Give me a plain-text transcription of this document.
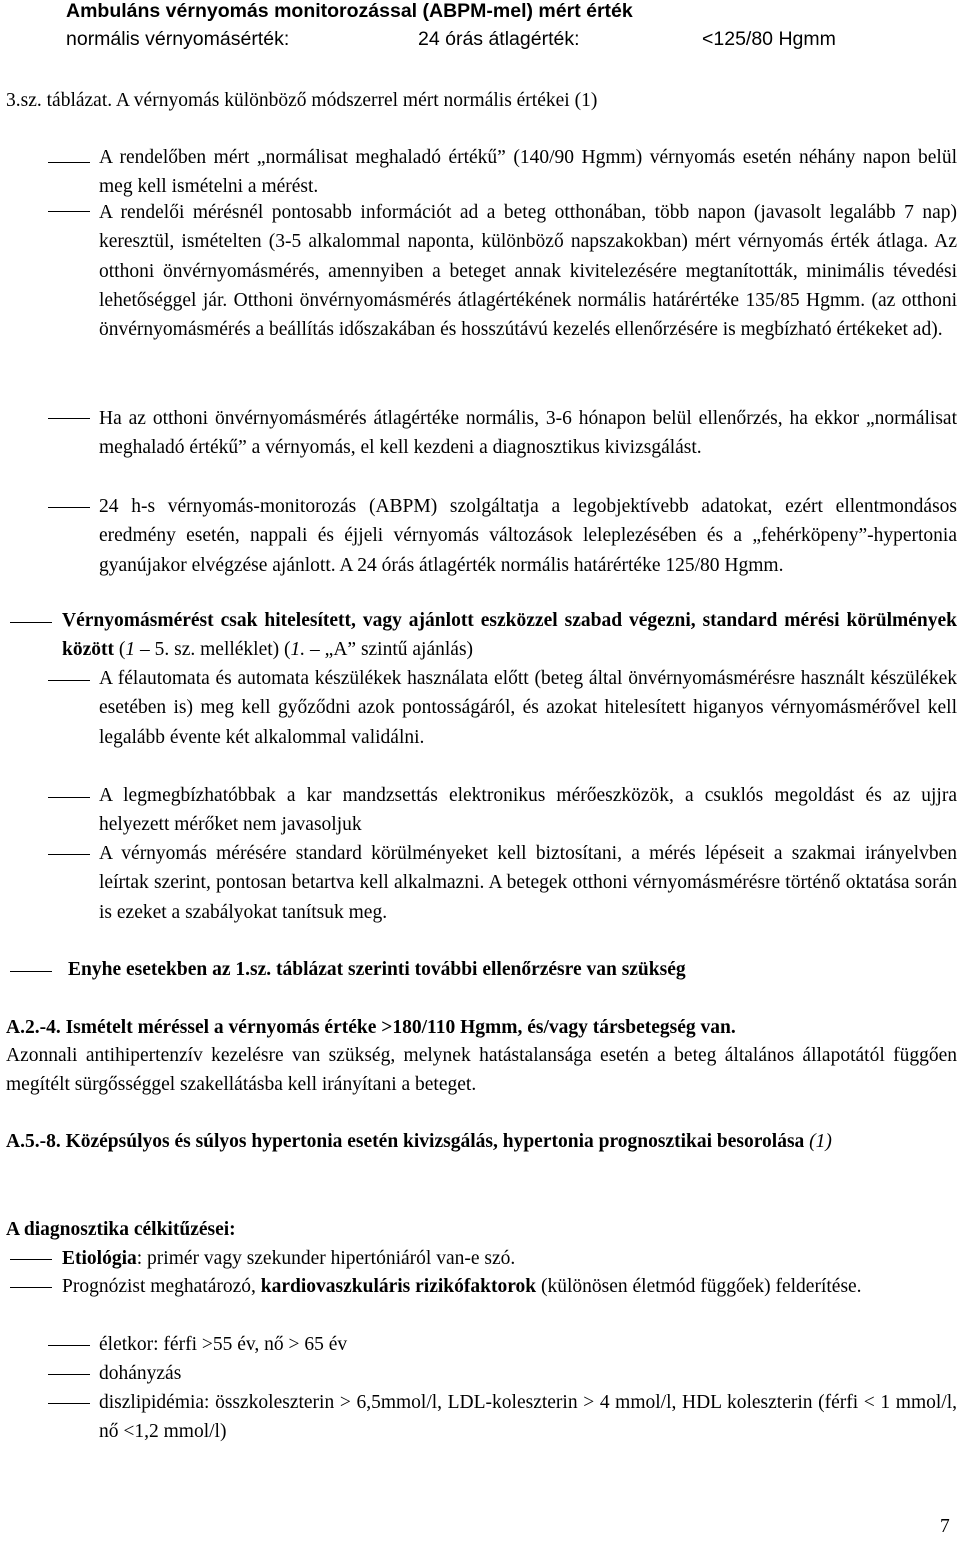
Ambuláns vérnyomás monitorozással (ABPM-mel) mért érték
normális vérnyomásérték:	24 órás átlagérték:	<125/80 Hgmm
3.sz. táblázat. A vérnyomás különböző módszerrel mért normális értékei (1)

A rendelőben mért „normálisat meghaladó értékű” (140/90 Hgmm) vérnyomás esetén néhány napon belül meg kell ismételni a mérést.

A rendelői mérésnél pontosabb információt ad a beteg otthonában, több napon (javasolt legalább 7 nap) keresztül, ismételten (3-5 alkalommal naponta, különböző napszakokban) mért vérnyomás érték átlaga. Az otthoni önvérnyomásmérés, amennyiben a beteget annak kivitelezésére megtanították, minimális tévedési lehetőséggel jár. Otthoni önvérnyomásmérés átlagértékének normális határértéke 135/85 Hgmm. (az otthoni önvérnyomásmérés a beállítás időszakában és hosszútávú kezelés ellenőrzésére is megbízható értékeket ad).

Ha az otthoni önvérnyomásmérés átlagértéke normális, 3-6 hónapon belül ellenőrzés, ha ekkor „normálisat meghaladó értékű” a vérnyomás, el kell kezdeni a diagnosztikus kivizsgálást.

24 h-s vérnyomás-monitorozás (ABPM) szolgáltatja a legobjektívebb adatokat, ezért ellentmondásos eredmény esetén, nappali és éjjeli vérnyomás változások leleplezésében és a „fehérköpeny”-hypertonia gyanújakor elvégzése ajánlott. A 24 órás átlagérték normális határértéke 125/80 Hgmm.

Vérnyomásmérést csak hitelesített, vagy ajánlott eszközzel szabad végezni, standard mérési körülmények között (1 – 5. sz. melléklet) (1. – „A” szintű ajánlás)

A félautomata és automata készülékek használata előtt (beteg által önvérnyomásmérésre használt készülékek esetében is) meg kell győződni azok pontosságáról, és azokat hitelesített higanyos vérnyomásmérővel kell legalább évente két alkalommal validálni.

A legmegbízhatóbbak a kar mandzsettás elektronikus mérőeszközök, a csuklós megoldást és az ujjra helyezett mérőket nem javasoljuk

A vérnyomás mérésére standard körülményeket kell biztosítani, a mérés lépéseit a szakmai irányelvben leírtak szerint, pontosan betartva kell alkalmazni. A betegek otthoni vérnyomásmérésre történő oktatása során is ezeket a szabályokat tanítsuk meg.

Enyhe esetekben az 1.sz. táblázat szerinti további ellenőrzésre van szükség

A.2.-4. Ismételt méréssel a vérnyomás értéke >180/110 Hgmm, és/vagy társbetegség van.

Azonnali antihipertenzív kezelésre van szükség, melynek hatástalansága esetén a beteg általános állapotától függően megítélt sürgősséggel szakellátásba kell irányítani a beteget.

A.5.-8. Középsúlyos és súlyos hypertonia esetén kivizsgálás, hypertonia prognosztikai besorolása (1)

A diagnosztika célkitűzései:

Etiológia: primér vagy szekunder hipertóniáról van-e szó.

Prognózist meghatározó, kardiovaszkuláris rizikófaktorok (különösen életmód függőek) felderítése.

életkor: férfi >55 év, nő > 65 év

dohányzás

diszlipidémia: összkoleszterin > 6,5mmol/l, LDL-koleszterin > 4 mmol/l, HDL koleszterin (férfi < 1 mmol/l, nő <1,2 mmol/l)

7
